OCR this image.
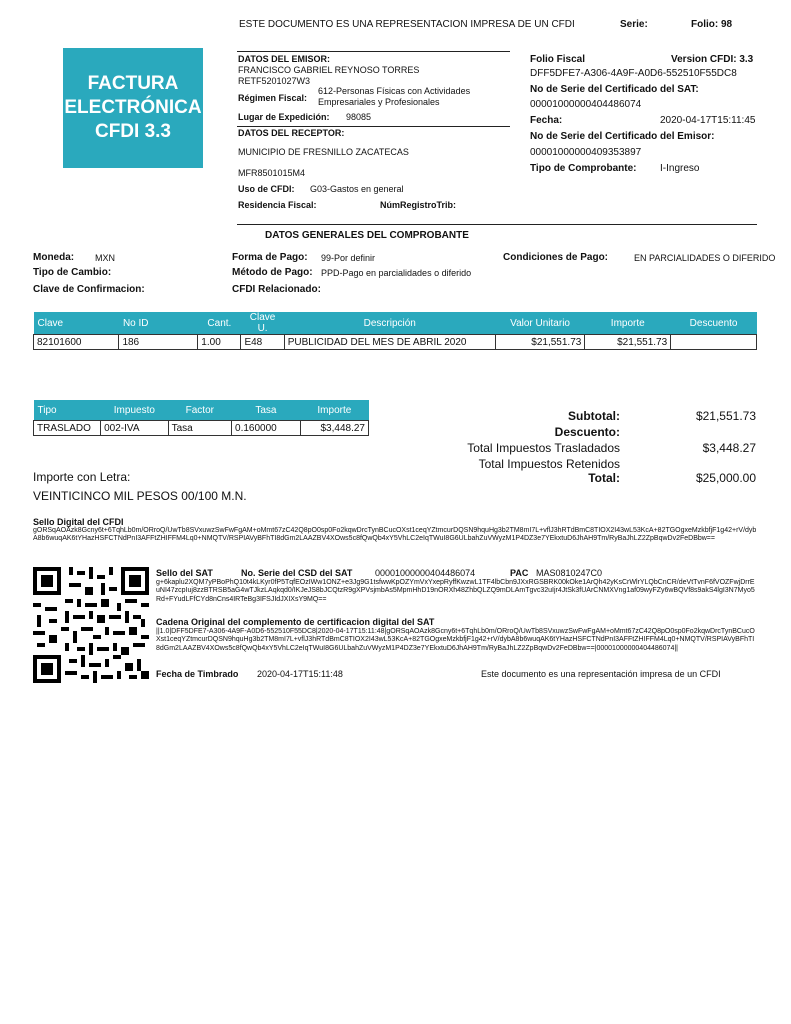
ESTE DOCUMENTO ES UNA REPRESENTACION IMPRESA DE UN CFDI	Serie:	Folio: 98
FACTURA
ELECTRÓNICA
CFDI 3.3
DATOS DEL EMISOR:
FRANCISCO GABRIEL REYNOSO TORRES
RETF5201027W3
Régimen Fiscal:
612-Personas Físicas con Actividades
Empresariales y Profesionales
Lugar de Expedición: 98085
DATOS DEL RECEPTOR:
MUNICIPIO DE FRESNILLO ZACATECAS
MFR8501015M4
Uso de CFDI: G03-Gastos en general
Residencia Fiscal:	NúmRegistroTrib:
Folio Fiscal	Version CFDI: 3.3
DFF5DFE7-A306-4A9F-A0D6-552510F55DC8
No de Serie del Certificado del SAT:
00001000000404486074
Fecha:	2020-04-17T15:11:45
No de Serie del Certificado del Emisor:
00001000000409353897
Tipo de Comprobante: I-Ingreso
DATOS GENERALES DEL COMPROBANTE
Moneda: MXN
Tipo de Cambio:
Clave de Confirmacion:
Forma de Pago: 99-Por definir
Método de Pago: PPD-Pago en parcialidades o diferido
CFDI Relacionado:
Condiciones de Pago:	EN PARCIALIDADES O DIFERIDO
Clave	No ID	Cant.	Clave U.	Descripción	Valor Unitario	Importe	Descuento
82101600	186	1.00	E48	PUBLICIDAD DEL MES DE ABRIL 2020	$21,551.73	$21,551.73	
Tipo	Impuesto	Factor	Tasa	Importe
TRASLADO	002-IVA	Tasa	0.160000	$3,448.27
Subtotal:	$21,551.73
Descuento:
Total Impuestos Trasladados	$3,448.27
Total Impuestos Retenidos
Total:	$25,000.00
Importe con Letra:
VEINTICINCO MIL PESOS 00/100 M.N.
Sello Digital del CFDI
gORSqAOAzk8Gcny6t+6TqhLb0m/ORroQ/UwTb8SVxuwzSwFwFgAM+oMmt67zC42Q8pO0sp0Fo2kqwDrcTynBCucOXst1ceqYZtmcurDQSN9hquHg3b2TM8mI7L+vflJ3hRTdBmC8TIOX2I43wL53KcA+82TGOgxeMzkbfjF1g42+rV/dybA8b6wuqAK6tYHazHSFCTNdPnI3AFFtZHIFFM4Lq0+NMQTV/RSPIAVyBFhTI8dGm2LAAZBV4XOws5c8fQwQb4xY5VhLC2eIqTWuI8G6ULbahZuVWyzM1P4DZ3e7YEkxtuD6JhAH9Tm/RyBaJhLZ2ZpBqwDv2FeDBbw==
Sello del SAT	No. Serie del CSD del SAT	00001000000404486074	PAC MAS0810247C0
g+6kaplu2XQM7yPBoPhQ10t4kLKyr0fP5TqfEOzIWw1ONZ+e3Jg9G1tsfwwKpOZYmVxYxepRyffKwzwL1TF4lbCbn9JXxRGSBRK00kOke1ArQh42yKsCrWlrYLQbCnCR/deVtTvnF6fVOZFwjDrrEuNI47zcpIuj8zzBTRSB5aG4wTJkzLAqkqd0/IKJeJS8bJCQtzR9gXPVsjmbAs5MpmHhD19nORXh48ZhbQLZQ9mDLAmTgvc32uIjr4JtSk3fUArCNMXVng1af09wyFZy6wBQVf8s9akS4lgI3N7Myo5Rd+FYudLFfCYd8nCns4IRTeBg3IFSJIdJXIXsY9MQ==
Cadena Original del complemento de certificacion digital del SAT
||1.0|DFF5DFE7-A306-4A9F-A0D6-552510F55DC8|2020-04-17T15:11:48|gORSqAOAzk8Gcny6t+6TqhLb0m/ORroQ/UwTb8SVxuwzSwFwFgAM+oMmt67zC42Q8pO0sp0Fo2kqwDrcTynBCucOXst1ceqYZtmcurDQSN9hquHg3b2TM8mI7L+vflJ3hRTdBmC8TIOX2I43wL53KcA+82TGOgxeMzkbfjF1g42+rV/dybA8b6wuqAK6tYHazHSFCTNdPnI3AFFtZHIFFM4Lq0+NMQTV/RSPIAVyBFhTI8dGm2LAAZBV4XOws5c8fQwQb4xY5VhLC2eIqTWuI8G6ULbahZuVWyzM1P4DZ3e7YEkxtuD6JhAH9Tm/RyBaJhLZ2ZpBqwDv2FeDBbw==|00001000000404486074||
Fecha de Timbrado 2020-04-17T15:11:48	Este documento es una representación impresa de un CFDI
